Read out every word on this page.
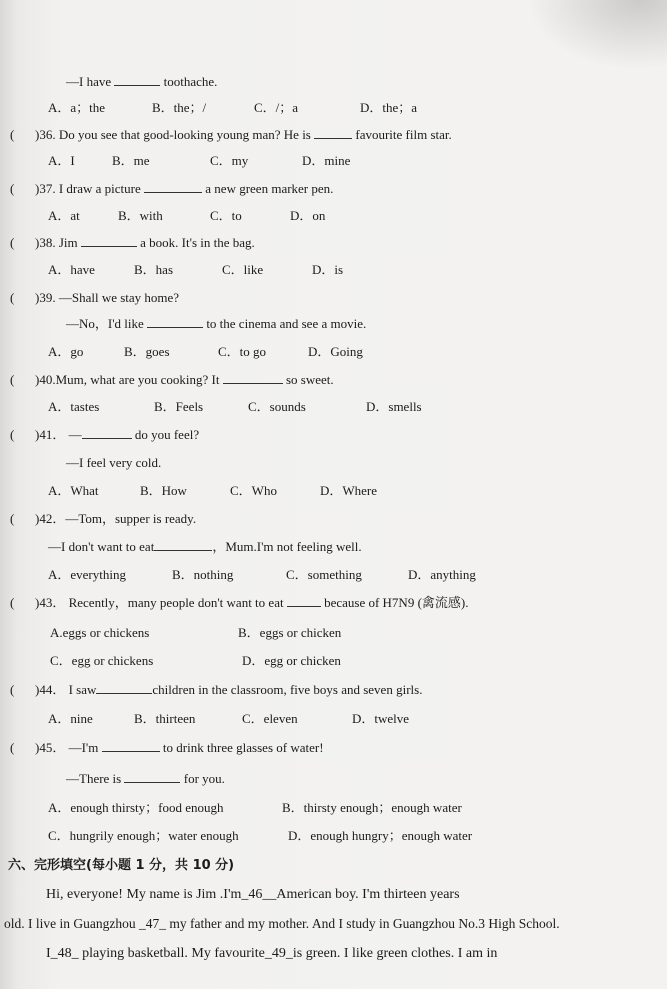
—I have	toothache.
A．a；the	B．the；/	C．/；a	D．the；a
( )36. Do you see that good-looking young man? He is	favourite film star.
A．I	B．me	C．my	D．mine
( )37. I draw a picture	a new green marker pen.
A．at	B．with	C．to	D．on
( )38. Jim	a book. It's in the bag.
A．have	B．has	C．like	D．is
( )39. —Shall we stay home?
—No，I'd like	to the cinema and see a movie.
A．go	B．goes	C．to go	D．Going
( )40.Mum, what are you cooking? It	so sweet.
A．tastes	B．Feels	C．sounds	D．smells
( )41． —	do you feel?
—I feel very cold.
A．What	B．How	C．Who	D．Where
( )42．—Tom，supper is ready.
—I don't want to eat	，Mum.I'm not feeling well.
A．everything	B．nothing	C．something	D．anything
( )43． Recently，many people don't want to eat	because of H7N9 (禽流感).
A.eggs or chickens	B．eggs or chicken
C．egg or chickens	D．egg or chicken
( )44． I saw	children in the classroom, five boys and seven girls.
A．nine	B．thirteen	C．eleven	D．twelve
( )45． —I'm	to drink three glasses of water!
—There is	for you.
A．enough thirsty；food enough	B．thirsty enough；enough water
C．hungrily enough；water enough	D．enough hungry；enough water
六、完形填空(每小题 1 分，共 10 分)
Hi, everyone! My name is Jim .I'm_46__American boy. I'm thirteen years
old. I live in Guangzhou _47_ my father and my mother. And I study in Guangzhou No.3 High School.
I_48_ playing basketball. My favourite_49_is green. I like green clothes. I am in
